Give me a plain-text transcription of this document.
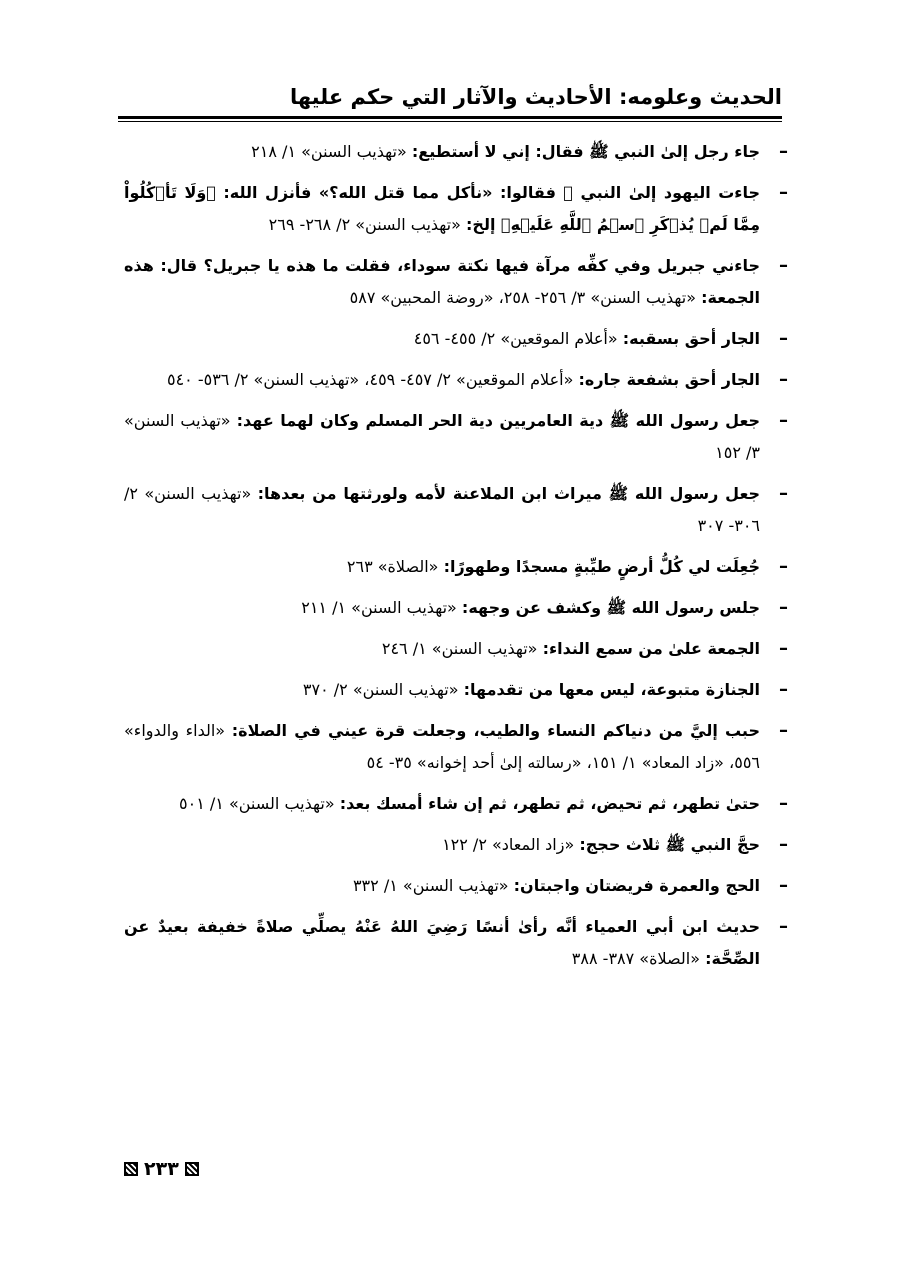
الحديث وعلومه: الأحاديث والآثار التي حكم عليها
–
جاء رجل إلىٰ النبي ﷺ فقال: إني لا أستطيع: «تهذيب السنن» ١/ ٢١٨
–
جاءت اليهود إلىٰ النبي ﷺ فقالوا: «نأكل مما قتل الله؟» فأنزل الله: ﴿وَلَا تَأۡكُلُواْ مِمَّا لَمۡ يُذۡكَرِ ٱسۡمُ ٱللَّهِ عَلَيۡهِ﴾ إلخ: «تهذيب السنن» ٢/ ٢٦٨- ٢٦٩
–
جاءني جبريل وفي كفِّه مرآة فيها نكتة سوداء، فقلت ما هذه يا جبريل؟ قال: هذه الجمعة: «تهذيب السنن» ٣/ ٢٥٦- ٢٥٨، «روضة المحبين» ٥٨٧
–
الجار أحق بسقبه: «أعلام الموقعين» ٢/ ٤٥٥- ٤٥٦
–
الجار أحق بشفعة جاره: «أعلام الموقعين» ٢/ ٤٥٧- ٤٥٩، «تهذيب السنن» ٢/ ٥٣٦- ٥٤٠
–
جعل رسول الله ﷺ دية العامريين دية الحر المسلم وكان لهما عهد: «تهذيب السنن» ٣/ ١٥٢
–
جعل رسول الله ﷺ ميراث ابن الملاعنة لأمه ولورثتها من بعدها: «تهذيب السنن» ٢/ ٣٠٦- ٣٠٧
–
جُعِلَت لي كُلُّ أرضٍ طيِّبةٍ مسجدًا وطهورًا: «الصلاة» ٢٦٣
–
جلس رسول الله ﷺ وكشف عن وجهه: «تهذيب السنن» ١/ ٢١١
–
الجمعة علىٰ من سمع النداء: «تهذيب السنن» ١/ ٢٤٦
–
الجنازة متبوعة، ليس معها من تقدمها: «تهذيب السنن» ٢/ ٣٧٠
–
حبب إليَّ من دنياكم النساء والطيب، وجعلت قرة عيني في الصلاة: «الداء والدواء» ٥٥٦، «زاد المعاد» ١/ ١٥١، «رسالته إلىٰ أحد إخوانه» ٣٥- ٥٤
–
حتىٰ تطهر، ثم تحيض، ثم تطهر، ثم إن شاء أمسك بعد: «تهذيب السنن» ١/ ٥٠١
–
حجَّ النبي ﷺ ثلاث حجج: «زاد المعاد» ٢/ ١٢٢
–
الحج والعمرة فريضتان واجبتان: «تهذيب السنن» ١/ ٣٣٢
–
حديث ابن أبي العمياء أنَّه رأىٰ أنسًا رَضِيَ اللهُ عَنْهُ يصلِّي صلاةً خفيفة بعيدٌ عن الصِّحَّة: «الصلاة» ٣٨٧- ٣٨٨
٢٣٣
